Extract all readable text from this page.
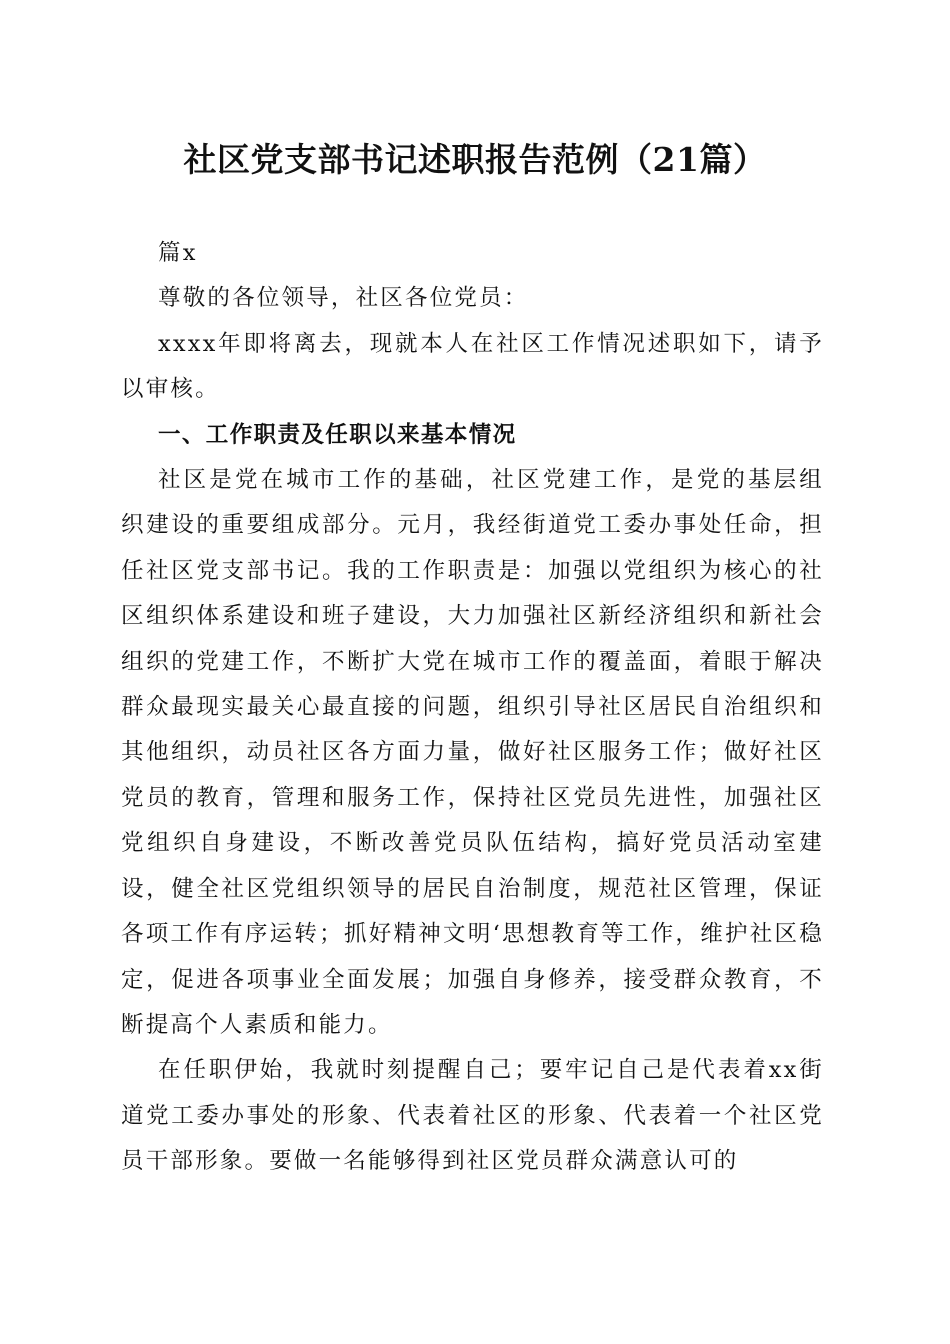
社区党支部书记述职报告范例（21篇）

篇x

尊敬的各位领导，社区各位党员：

xxxx年即将离去，现就本人在社区工作情况述职如下，请予以审核。

一、工作职责及任职以来基本情况

社区是党在城市工作的基础，社区党建工作，是党的基层组织建设的重要组成部分。元月，我经街道党工委办事处任命，担任社区党支部书记。我的工作职责是：加强以党组织为核心的社区组织体系建设和班子建设，大力加强社区新经济组织和新社会组织的党建工作，不断扩大党在城市工作的覆盖面，着眼于解决群众最现实最关心最直接的问题，组织引导社区居民自治组织和其他组织，动员社区各方面力量，做好社区服务工作；做好社区党员的教育，管理和服务工作，保持社区党员先进性，加强社区党组织自身建设，不断改善党员队伍结构，搞好党员活动室建设，健全社区党组织领导的居民自治制度，规范社区管理，保证各项工作有序运转；抓好精神文明‘思想教育等工作，维护社区稳定，促进各项事业全面发展；加强自身修养，接受群众教育，不断提高个人素质和能力。

在任职伊始，我就时刻提醒自己；要牢记自己是代表着xx街道党工委办事处的形象、代表着社区的形象、代表着一个社区党员干部形象。要做一名能够得到社区党员群众满意认可的
